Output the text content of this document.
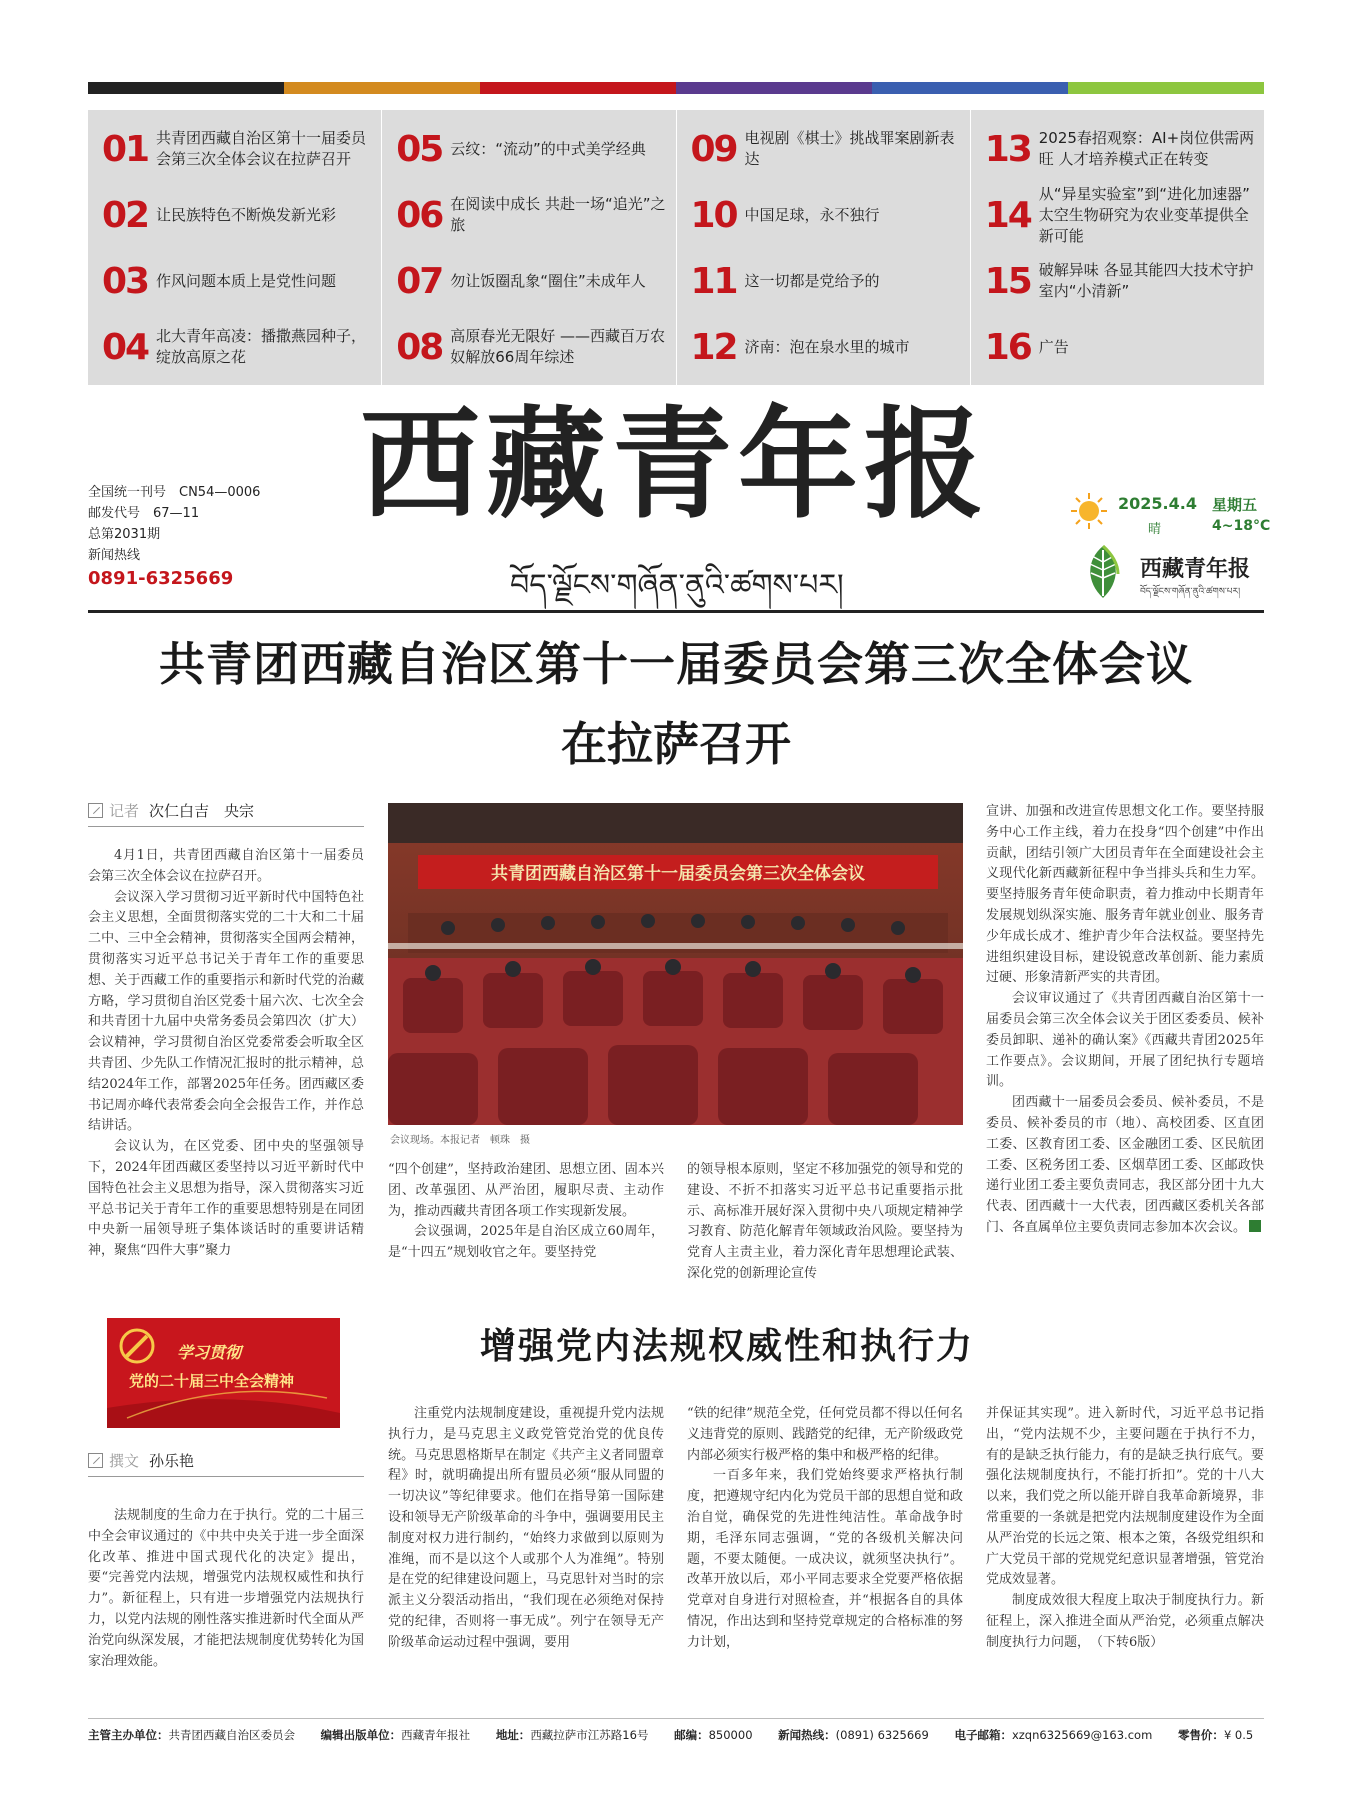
01 共青团西藏自治区第十一届委员会第三次全体会议在拉萨召开
02 让民族特色不断焕发新光彩
03 作风问题本质上是党性问题
04 北大青年高凌：播撒燕园种子，绽放高原之花
05 云纹：“流动”的中式美学经典
06 在阅读中成长 共赴一场“追光”之旅
07 勿让饭圈乱象“圈住”未成年人
08 高原春光无限好 ——西藏百万农奴解放66周年综述
09 电视剧《棋士》挑战罪案剧新表达
10 中国足球，永不独行
11 这一切都是党给予的
12 济南：泡在泉水里的城市
13 2025春招观察：AI+岗位供需两旺 人才培养模式正在转变
14
从“异星实验室”到“进化加速器” 太空生物研究为农业变革提供全新可能
15 破解异味 各显其能四大技术守护室内“小清新”
16 广告
全国统一刊号　CN54—0006
邮发代号　67—11
总第2031期
新闻热线
0891-6325669
西藏青年报
བོད་ལྗོངས་གཞོན་ནུའི་ཚགས་པར།
2025.4.4 星期五
晴	4~18°C
西藏青年报
བོད་ལྗོངས་གཞོན་ནུའི་ཚགས་པར།
共青团西藏自治区第十一届委员会第三次全体会议
在拉萨召开
记者 次仁白吉　央宗

4月1日，共青团西藏自治区第十一届委员会第三次全体会议在拉萨召开。

会议深入学习贯彻习近平新时代中国特色社会主义思想，全面贯彻落实党的二十大和二十届二中、三中全会精神，贯彻落实全国两会精神，贯彻落实习近平总书记关于青年工作的重要思想、关于西藏工作的重要指示和新时代党的治藏方略，学习贯彻自治区党委十届六次、七次全会和共青团十九届中央常务委员会第四次（扩大）会议精神，学习贯彻自治区党委常委会听取全区共青团、少先队工作情况汇报时的批示精神，总结2024年工作，部署2025年任务。团西藏区委书记周亦峰代表常委会向全会报告工作，并作总结讲话。

会议认为，在区党委、团中央的坚强领导下，2024年团西藏区委坚持以习近平新时代中国特色社会主义思想为指导，深入贯彻落实习近平总书记关于青年工作的重要思想特别是在同团中央新一届领导班子集体谈话时的重要讲话精神，聚焦“四件大事”聚力

共青团西藏自治区第十一届委员会第三次全体会议
会议现场。本报记者　顿珠　摄

“四个创建”，坚持政治建团、思想立团、固本兴团、改革强团、从严治团，履职尽责、主动作为，推动西藏共青团各项工作实现新发展。

会议强调，2025年是自治区成立60周年，是“十四五”规划收官之年。要坚持党

的领导根本原则，坚定不移加强党的领导和党的建设、不折不扣落实习近平总书记重要指示批示、高标准开展好深入贯彻中央八项规定精神学习教育、防范化解青年领域政治风险。要坚持为党育人主责主业，着力深化青年思想理论武装、深化党的创新理论宣传

宣讲、加强和改进宣传思想文化工作。要坚持服务中心工作主线，着力在投身“四个创建”中作出贡献，团结引领广大团员青年在全面建设社会主义现代化新西藏新征程中争当排头兵和生力军。要坚持服务青年使命职责，着力推动中长期青年发展规划纵深实施、服务青年就业创业、服务青少年成长成才、维护青少年合法权益。要坚持先进组织建设目标，建设锐意改革创新、能力素质过硬、形象清新严实的共青团。

会议审议通过了《共青团西藏自治区第十一届委员会第三次全体会议关于团区委委员、候补委员卸职、递补的确认案》《西藏共青团2025年工作要点》。会议期间，开展了团纪执行专题培训。

团西藏十一届委员会委员、候补委员，不是委员、候补委员的市（地）、高校团委、区直团工委、区教育团工委、区金融团工委、区民航团工委、区税务团工委、区烟草团工委、区邮政快递行业团工委主要负责同志，我区部分团十九大代表、团西藏十一大代表，团西藏区委机关各部门、各直属单位主要负责同志参加本次会议。

学习贯彻
党的二十届三中全会精神
增强党内法规权威性和执行力
撰文 孙乐艳

法规制度的生命力在于执行。党的二十届三中全会审议通过的《中共中央关于进一步全面深化改革、推进中国式现代化的决定》提出，要“完善党内法规，增强党内法规权威性和执行力”。新征程上，只有进一步增强党内法规执行力，以党内法规的刚性落实推进新时代全面从严治党向纵深发展，才能把法规制度优势转化为国家治理效能。

注重党内法规制度建设，重视提升党内法规执行力，是马克思主义政党管党治党的优良传统。马克思恩格斯早在制定《共产主义者同盟章程》时，就明确提出所有盟员必须“服从同盟的一切决议”等纪律要求。他们在指导第一国际建设和领导无产阶级革命的斗争中，强调要用民主制度对权力进行制约，“始终力求做到以原则为准绳，而不是以这个人或那个人为准绳”。特别是在党的纪律建设问题上，马克思针对当时的宗派主义分裂活动指出，“我们现在必须绝对保持党的纪律，否则将一事无成”。列宁在领导无产阶级革命运动过程中强调，要用

“铁的纪律”规范全党，任何党员都不得以任何名义违背党的原则、践踏党的纪律，无产阶级政党内部必须实行极严格的集中和极严格的纪律。

一百多年来，我们党始终要求严格执行制度，把遵规守纪内化为党员干部的思想自觉和政治自觉，确保党的先进性纯洁性。革命战争时期，毛泽东同志强调，“党的各级机关解决问题，不要太随便。一成决议，就须坚决执行”。改革开放以后，邓小平同志要求全党要严格依据党章对自身进行对照检查，并“根据各自的具体情况，作出达到和坚持党章规定的合格标准的努力计划，

并保证其实现”。进入新时代，习近平总书记指出，“党内法规不少，主要问题在于执行不力，有的是缺乏执行能力，有的是缺乏执行底气。要强化法规制度执行，不能打折扣”。党的十八大以来，我们党之所以能开辟自我革命新境界，非常重要的一条就是把党内法规制度建设作为全面从严治党的长远之策、根本之策，各级党组织和广大党员干部的党规党纪意识显著增强，管党治党成效显著。

制度成效很大程度上取决于制度执行力。新征程上，深入推进全面从严治党，必须重点解决制度执行力问题，　（下转6版）

主管主办单位：共青团西藏自治区委员会 编辑出版单位：西藏青年报社 地址：西藏拉萨市江苏路16号 邮编：850000 新闻热线：(0891) 6325669 电子邮箱：xzqn6325669@163.com 零售价：¥ 0.5
